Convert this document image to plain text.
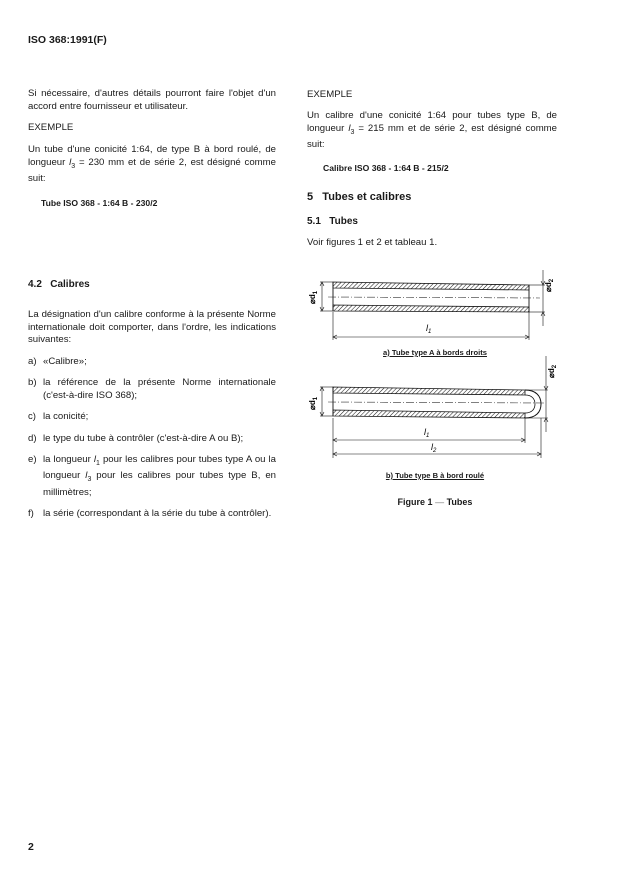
ISO 368:1991(F)

Si nécessaire, d'autres détails pourront faire l'objet d'un accord entre fournisseur et utilisateur.

EXEMPLE

Un tube d'une conicité 1:64, de type B à bord roulé, de longueur $l_3 = 230$ mm et de série 2, est désigné comme suit:

Tube ISO 368 - 1:64 B - 230/2
4.2 Calibres

La désignation d'un calibre conforme à la présente Norme internationale doit comporter, dans l'ordre, les indications suivantes:

a) «Calibre»;
b) la référence de la présente Norme internationale (c'est-à-dire ISO 368);
c) la conicité;
d) le type du tube à contrôler (c'est-à-dire A ou B);
e) la longueur $l_1$ pour les calibres pour tubes type A ou la longueur $l_3$ pour les calibres pour tubes type B, en millimètres;
f) la série (correspondant à la série du tube à contrôler).
EXEMPLE

Un calibre d'une conicité 1:64 pour tubes type B, de longueur $l_3 = 215$ mm et de série 2, est désigné comme suit:

Calibre ISO 368 - 1:64 B - 215/2
5 Tubes et calibres
5.1 Tubes

Voir figures 1 et 2 et tableau 1.

$⌀d_1$
$⌀d_2$
$l_1$
$⌀d_1$
$⌀d_2$
$l_1$
$l_2$
a) Tube type A à bords droits
b) Tube type B à bord roulé
Figure 1 — Tubes
2
